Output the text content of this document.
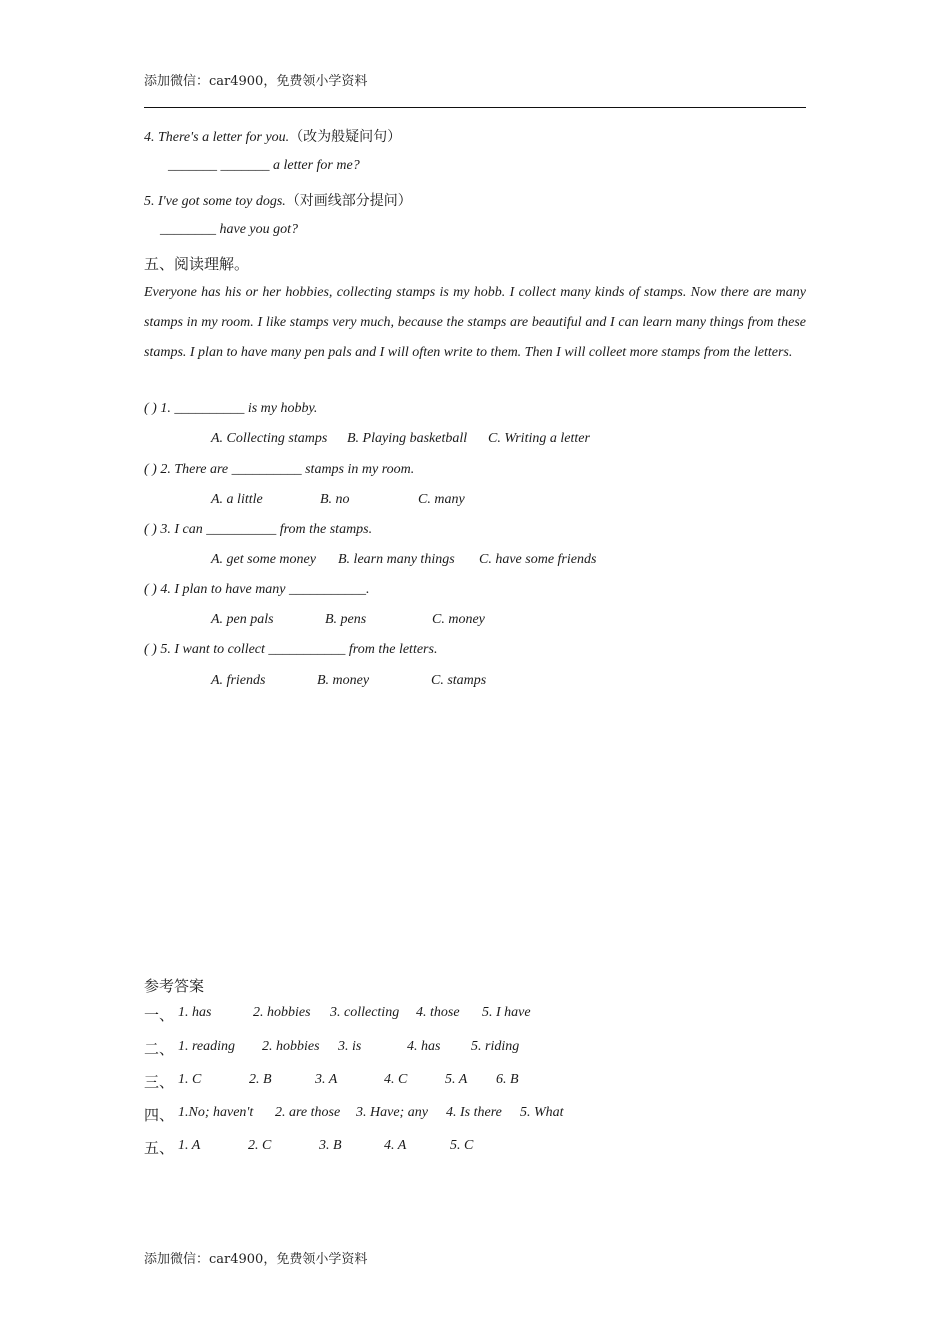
添加微信：car4900，免费领小学资料
4. There's a letter for you.（改为般疑问句）
_______ _______ a letter for me?
5. I've got some toy dogs.（对画线部分提问）
________ have you got?
五、阅读理解。
Everyone has his or her hobbies, collecting stamps is my hobb. I collect many kinds of stamps. Now there are many stamps in my room. I like stamps very much, because the stamps are beautiful and I can learn many things from these stamps. I plan to have many pen pals and I will often write to them. Then I will colleet more stamps from the letters.
( ) 1. __________ is my hobby.
A. Collecting stamps B. Playing basketball C. Writing a letter
( ) 2. There are __________ stamps in my room.
A. a little	B. no	C. many
( ) 3. I can __________ from the stamps.
A. get some money B. learn many things C. have some friends
( ) 4. I plan to have many ___________.
A. pen pals	B. pens	C. money
( ) 5. I want to collect ___________ from the letters.
A. friends	B. money	C. stamps
参考答案
一、 1. has	2. hobbies 3. collecting 4. those 5. I have
二、 1. reading 2. hobbies 3. is	4. has 5. riding
三、 1. C	2. B	3. A	4. C	5. A 6. B
四、 1.No; haven't 2. are those 3. Have; any 4. Is there 5. What
五、 1. A	2. C	3. B	4. A	5. C
添加微信：car4900，免费领小学资料
